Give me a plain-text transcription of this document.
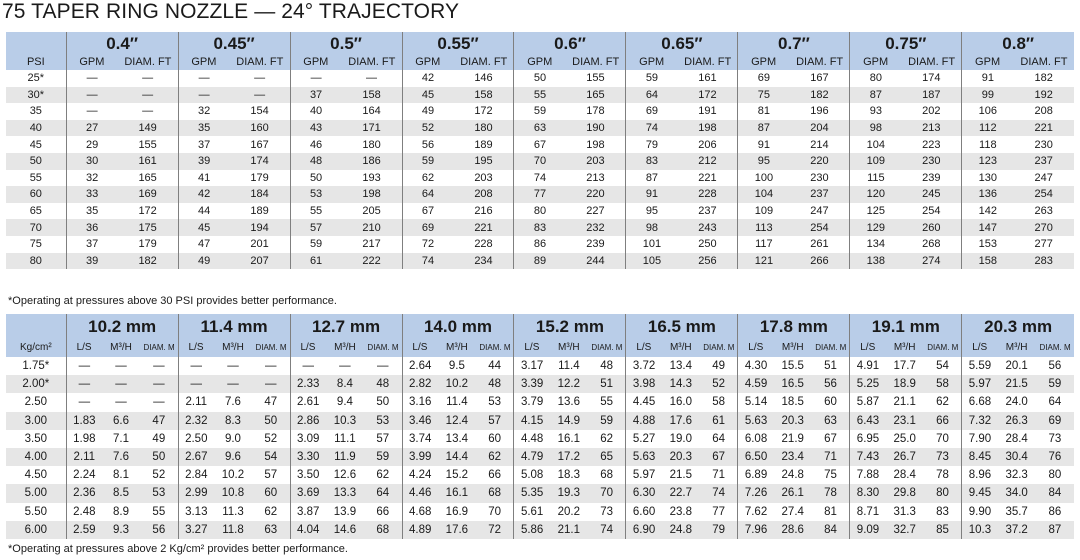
75 TAPER RING NOZZLE — 24° TRAJECTORY
	0.4″		0.45″		0.5″		0.55″		0.6″		0.65″		0.7″		0.75″		0.8″	
PSI	GPM	DIAM. FT	GPM	DIAM. FT	GPM	DIAM. FT	GPM	DIAM. FT	GPM	DIAM. FT	GPM	DIAM. FT	GPM	DIAM. FT	GPM	DIAM. FT	GPM	DIAM. FT
25*	—	—	—	—	—	—	42	146	50	155	59	161	69	167	80	174	91	182
30*	—	—	—	—	37	158	45	158	55	165	64	172	75	182	87	187	99	192
35	—	—	32	154	40	164	49	172	59	178	69	191	81	196	93	202	106	208
40	27	149	35	160	43	171	52	180	63	190	74	198	87	204	98	213	112	221
45	29	155	37	167	46	180	56	189	67	198	79	206	91	214	104	223	118	230
50	30	161	39	174	48	186	59	195	70	203	83	212	95	220	109	230	123	237
55	32	165	41	179	50	193	62	203	74	213	87	221	100	230	115	239	130	247
60	33	169	42	184	53	198	64	208	77	220	91	228	104	237	120	245	136	254
65	35	172	44	189	55	205	67	216	80	227	95	237	109	247	125	254	142	263
70	36	175	45	194	57	210	69	221	83	232	98	243	113	254	129	260	147	270
75	37	179	47	201	59	217	72	228	86	239	101	250	117	261	134	268	153	277
80	39	182	49	207	61	222	74	234	89	244	105	256	121	266	138	274	158	283
*Operating at pressures above 30 PSI provides better performance.
	10.2 mm			11.4 mm			12.7 mm			14.0 mm			15.2 mm			16.5 mm			17.8 mm			19.1 mm			20.3 mm		
Kg/cm²	L/S	M³/H	DIAM. M	L/S	M³/H	DIAM. M	L/S	M³/H	DIAM. M	L/S	M³/H	DIAM. M	L/S	M³/H	DIAM. M	L/S	M³/H	DIAM. M	L/S	M³/H	DIAM. M	L/S	M³/H	DIAM. M	L/S	M³/H	DIAM. M
1.75*	—	—	—	—	—	—	—	—	—	2.64	9.5	44	3.17	11.4	48	3.72	13.4	49	4.30	15.5	51	4.91	17.7	54	5.59	20.1	56
2.00*	—	—	—	—	—	—	2.33	8.4	48	2.82	10.2	48	3.39	12.2	51	3.98	14.3	52	4.59	16.5	56	5.25	18.9	58	5.97	21.5	59
2.50	—	—	—	2.11	7.6	47	2.61	9.4	50	3.16	11.4	53	3.79	13.6	55	4.45	16.0	58	5.14	18.5	60	5.87	21.1	62	6.68	24.0	64
3.00	1.83	6.6	47	2.32	8.3	50	2.86	10.3	53	3.46	12.4	57	4.15	14.9	59	4.88	17.6	61	5.63	20.3	63	6.43	23.1	66	7.32	26.3	69
3.50	1.98	7.1	49	2.50	9.0	52	3.09	11.1	57	3.74	13.4	60	4.48	16.1	62	5.27	19.0	64	6.08	21.9	67	6.95	25.0	70	7.90	28.4	73
4.00	2.11	7.6	50	2.67	9.6	54	3.30	11.9	59	3.99	14.4	62	4.79	17.2	65	5.63	20.3	67	6.50	23.4	71	7.43	26.7	73	8.45	30.4	76
4.50	2.24	8.1	52	2.84	10.2	57	3.50	12.6	62	4.24	15.2	66	5.08	18.3	68	5.97	21.5	71	6.89	24.8	75	7.88	28.4	78	8.96	32.3	80
5.00	2.36	8.5	53	2.99	10.8	60	3.69	13.3	64	4.46	16.1	68	5.35	19.3	70	6.30	22.7	74	7.26	26.1	78	8.30	29.8	80	9.45	34.0	84
5.50	2.48	8.9	55	3.13	11.3	62	3.87	13.9	66	4.68	16.9	70	5.61	20.2	73	6.60	23.8	77	7.62	27.4	81	8.71	31.3	83	9.90	35.7	86
6.00	2.59	9.3	56	3.27	11.8	63	4.04	14.6	68	4.89	17.6	72	5.86	21.1	74	6.90	24.8	79	7.96	28.6	84	9.09	32.7	85	10.3	37.2	87
*Operating at pressures above 2 Kg/cm² provides better performance.
